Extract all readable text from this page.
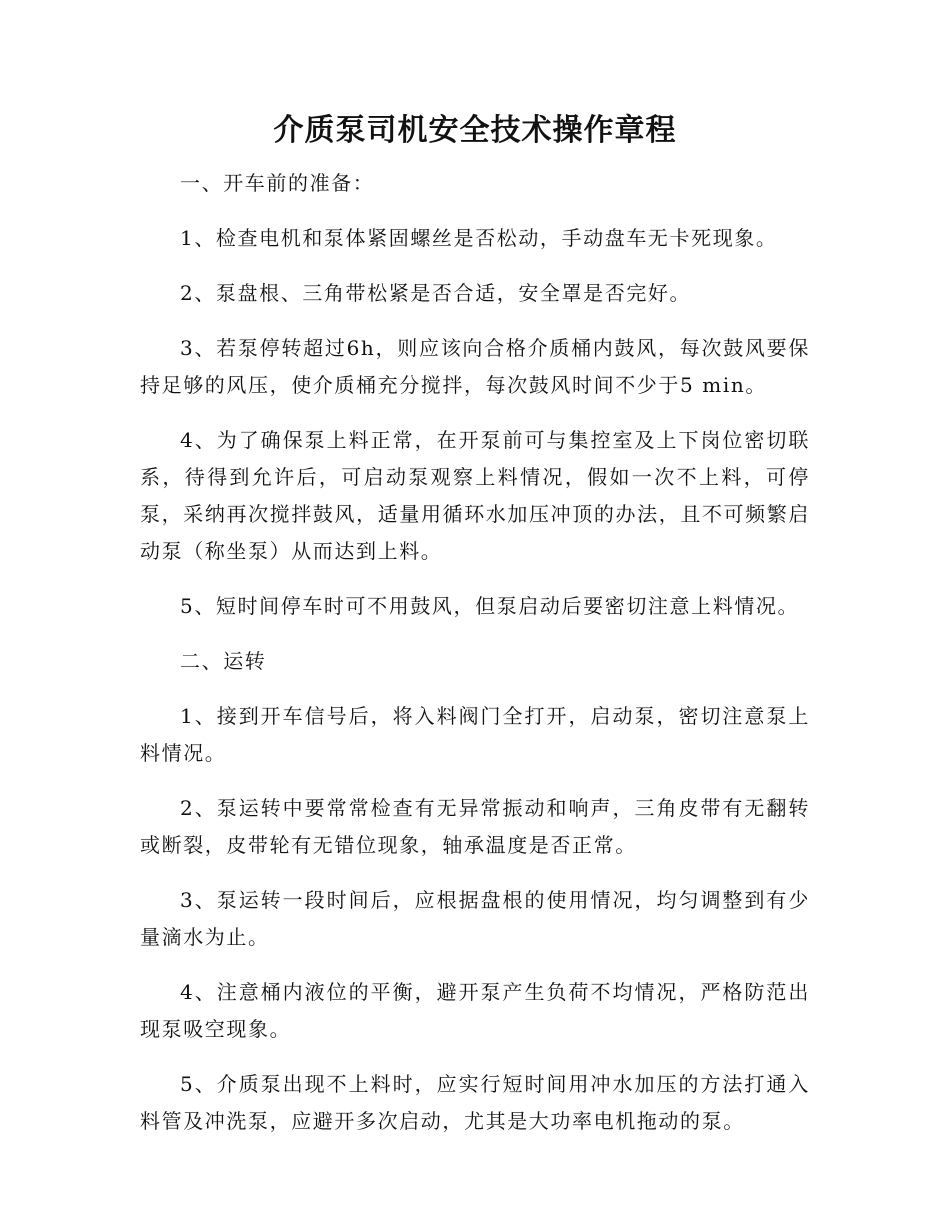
介质泵司机安全技术操作章程

一、开车前的准备：

1、检查电机和泵体紧固螺丝是否松动，手动盘车无卡死现象。

2、泵盘根、三角带松紧是否合适，安全罩是否完好。

3、若泵停转超过6h，则应该向合格介质桶内鼓风，每次鼓风要保持足够的风压，使介质桶充分搅拌，每次鼓风时间不少于5 min。

4、为了确保泵上料正常，在开泵前可与集控室及上下岗位密切联系，待得到允许后，可启动泵观察上料情况，假如一次不上料，可停泵，采纳再次搅拌鼓风，适量用循环水加压冲顶的办法，且不可频繁启动泵（称坐泵）从而达到上料。

5、短时间停车时可不用鼓风，但泵启动后要密切注意上料情况。

二、运转

1、接到开车信号后，将入料阀门全打开，启动泵，密切注意泵上料情况。

2、泵运转中要常常检查有无异常振动和响声，三角皮带有无翻转或断裂，皮带轮有无错位现象，轴承温度是否正常。

3、泵运转一段时间后，应根据盘根的使用情况，均匀调整到有少量滴水为止。

4、注意桶内液位的平衡，避开泵产生负荷不均情况，严格防范出现泵吸空现象。

5、介质泵出现不上料时，应实行短时间用冲水加压的方法打通入料管及冲洗泵，应避开多次启动，尤其是大功率电机拖动的泵。
